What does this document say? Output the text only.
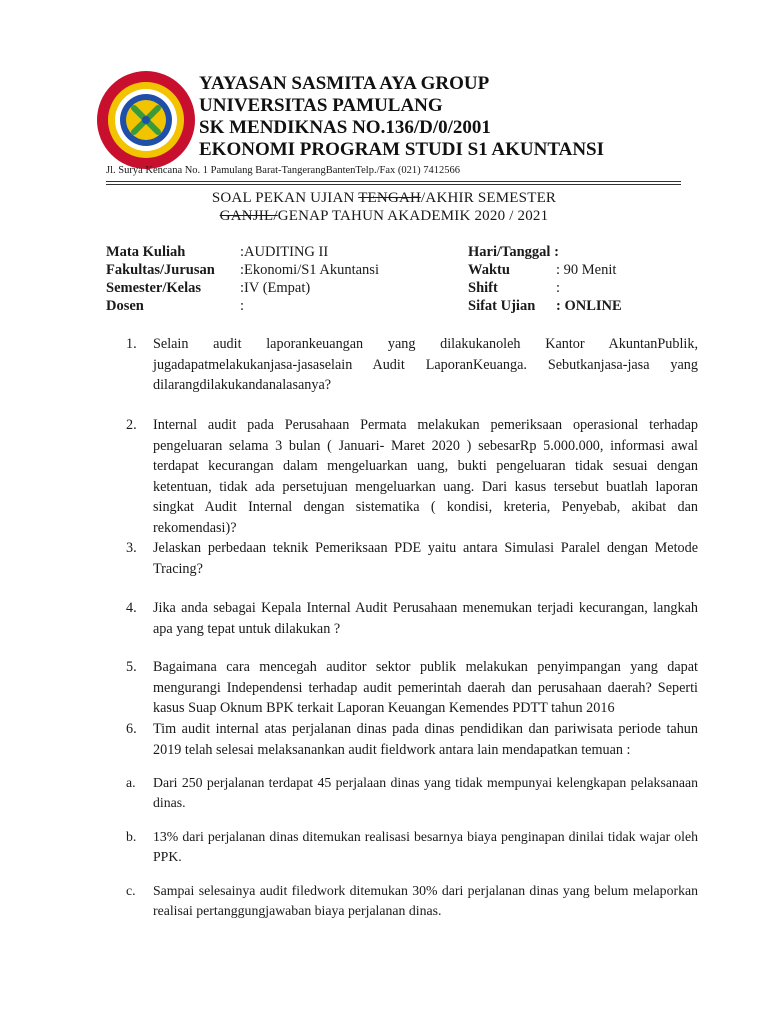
YAYASAN SASMITA AYA GROUP
UNIVERSITAS PAMULANG
SK MENDIKNAS NO.136/D/0/2001
EKONOMI PROGRAM STUDI S1 AKUNTANSI
Jl. Surya Kencana No. 1 Pamulang Barat-TangerangBantenTelp./Fax (021) 7412566
SOAL PEKAN UJIAN TENGAH/AKHIR SEMESTER
GANJIL/GENAP TAHUN AKADEMIK 2020 / 2021
Mata Kuliah	:AUDITING II
Fakultas/Jurusan :Ekonomi/S1 Akuntansi
Semester/Kelas	:IV (Empat)
Dosen	:
Hari/Tanggal :
Waktu	: 90 Menit
Shift	:
Sifat Ujian : ONLINE
1. Selain audit laporankeuangan yang dilakukanoleh Kantor AkuntanPublik, jugadapatmelakukanjasa-jasaselain Audit LaporanKeuanga. Sebutkanjasa-jasa yang dilarangdilakukandanalasanya?
2. Internal audit pada Perusahaan Permata melakukan pemeriksaan operasional terhadap pengeluaran selama 3 bulan ( Januari- Maret 2020 ) sebesarRp 5.000.000, informasi awal terdapat kecurangan dalam mengeluarkan uang, bukti pengeluaran tidak sesuai dengan ketentuan, tidak ada persetujuan mengeluarkan uang. Dari kasus tersebut buatlah laporan singkat Audit Internal dengan sistematika ( kondisi, kreteria, Penyebab, akibat dan rekomendasi)?
3. Jelaskan perbedaan teknik Pemeriksaan PDE yaitu antara Simulasi Paralel dengan Metode Tracing?
4. Jika anda sebagai Kepala Internal Audit Perusahaan menemukan terjadi kecurangan, langkah apa yang tepat untuk dilakukan ?
5. Bagaimana cara mencegah auditor sektor publik melakukan penyimpangan yang dapat mengurangi Independensi terhadap audit pemerintah daerah dan perusahaan daerah? Seperti kasus Suap Oknum BPK terkait Laporan Keuangan Kemendes PDTT tahun 2016
6. Tim audit internal atas perjalanan dinas pada dinas pendidikan dan pariwisata periode tahun 2019 telah selesai melaksanankan audit fieldwork antara lain mendapatkan temuan :
a. Dari 250 perjalanan terdapat 45 perjalaan dinas yang tidak mempunyai kelengkapan pelaksanaan dinas.
b. 13% dari perjalanan dinas ditemukan realisasi besarnya biaya penginapan dinilai tidak wajar oleh PPK.
c. Sampai selesainya audit filedwork ditemukan 30% dari perjalanan dinas yang belum melaporkan realisai pertanggungjawaban biaya perjalanan dinas.
